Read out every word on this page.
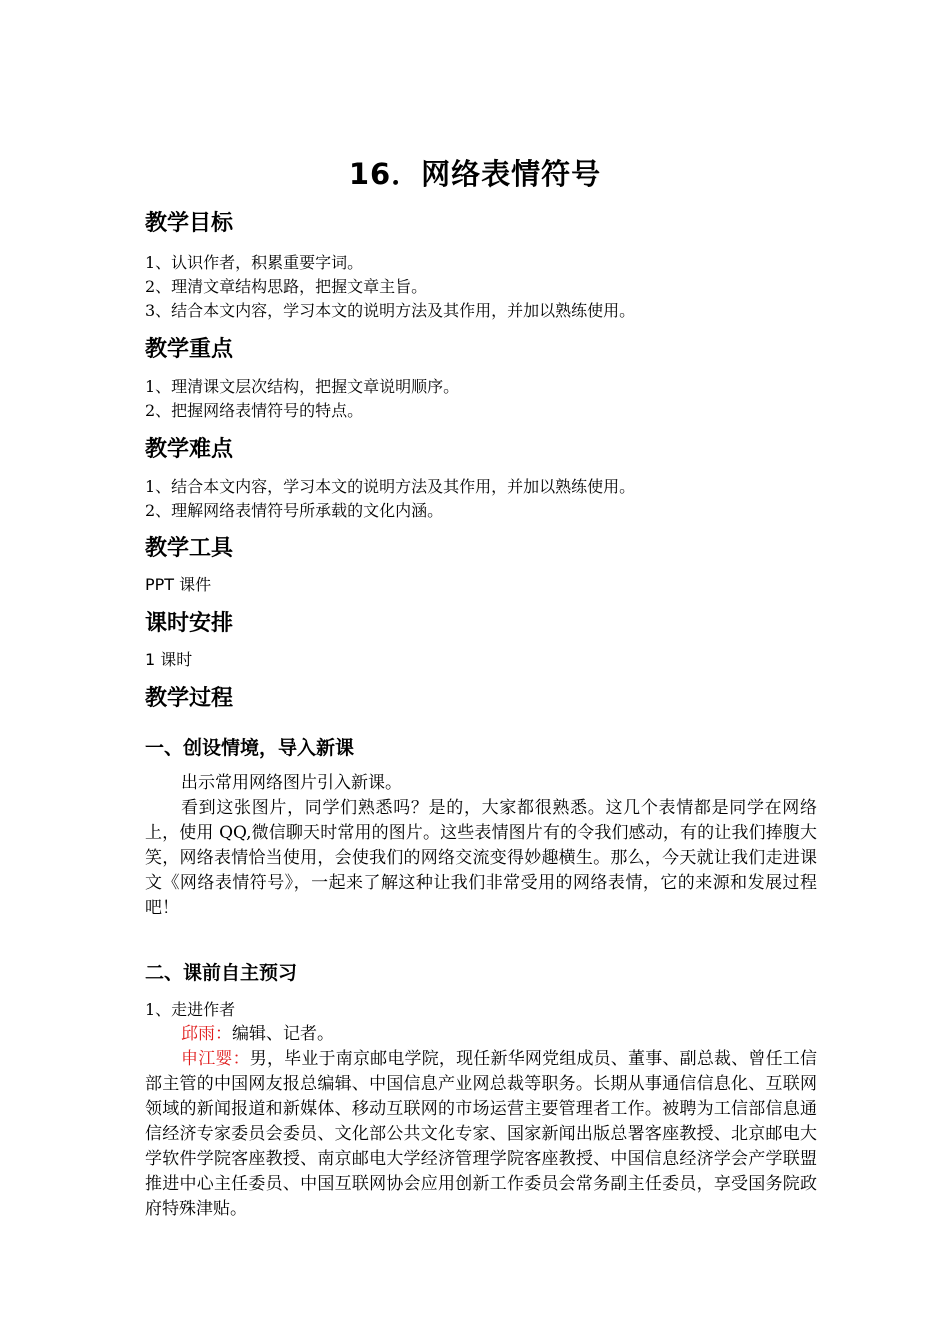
16．网络表情符号
教学目标
1、认识作者，积累重要字词。
2、理清文章结构思路，把握文章主旨。
3、结合本文内容，学习本文的说明方法及其作用，并加以熟练使用。
教学重点
1、理清课文层次结构，把握文章说明顺序。
2、把握网络表情符号的特点。
教学难点
1、结合本文内容，学习本文的说明方法及其作用，并加以熟练使用。
2、理解网络表情符号所承载的文化内涵。
教学工具
PPT 课件
课时安排
1 课时
教学过程
一、创设情境，导入新课

出示常用网络图片引入新课。

看到这张图片，同学们熟悉吗？是的，大家都很熟悉。这几个表情都是同学在网络上，使用 QQ,微信聊天时常用的图片。这些表情图片有的令我们感动，有的让我们捧腹大笑，网络表情恰当使用，会使我们的网络交流变得妙趣横生。那么，今天就让我们走进课文《网络表情符号》，一起来了解这种让我们非常受用的网络表情，它的来源和发展过程吧！

二、课前自主预习
1、走进作者

邱雨：编辑、记者。

申江婴：男，毕业于南京邮电学院，现任新华网党组成员、董事、副总裁、曾任工信部主管的中国网友报总编辑、中国信息产业网总裁等职务。长期从事通信信息化、互联网领域的新闻报道和新媒体、移动互联网的市场运营主要管理者工作。被聘为工信部信息通信经济专家委员会委员、文化部公共文化专家、国家新闻出版总署客座教授、北京邮电大学软件学院客座教授、南京邮电大学经济管理学院客座教授、中国信息经济学会产学联盟推进中心主任委员、中国互联网协会应用创新工作委员会常务副主任委员，享受国务院政府特殊津贴。
